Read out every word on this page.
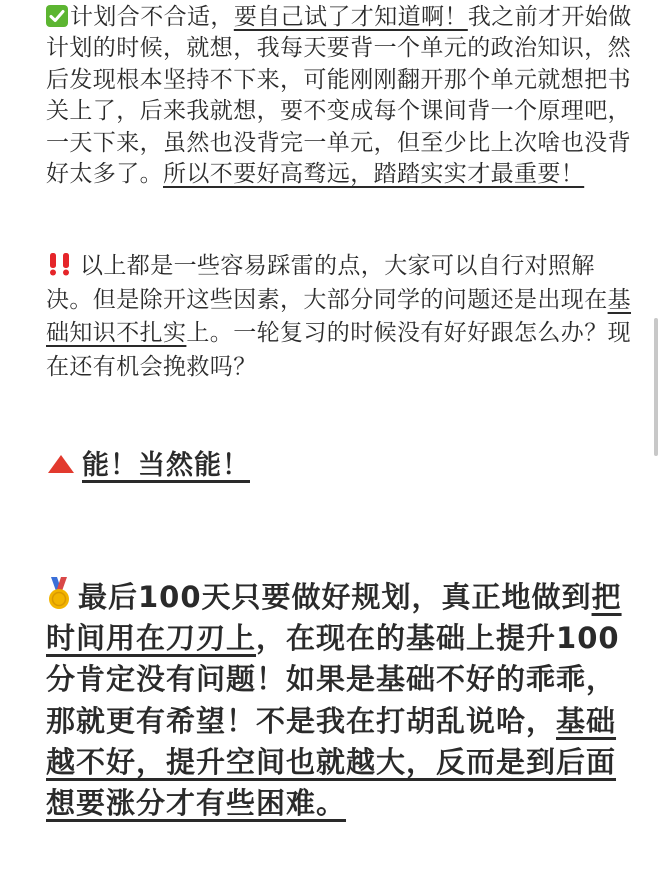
计划合不合适，要自己试了才知道啊！我之前才开始做计划的时候，就想，我每天要背一个单元的政治知识，然后发现根本坚持不下来，可能刚刚翻开那个单元就想把书关上了，后来我就想，要不变成每个课间背一个原理吧，一天下来，虽然也没背完一单元，但至少比上次啥也没背好太多了。所以不要好高骛远，踏踏实实才最重要！

以上都是一些容易踩雷的点，大家可以自行对照解决。但是除开这些因素，大部分同学的问题还是出现在基础知识不扎实上。一轮复习的时候没有好好跟怎么办？现在还有机会挽救吗？

能！当然能！

最后100天只要做好规划，真正地做到把时间用在刀刃上，在现在的基础上提升100分肯定没有问题！如果是基础不好的乖乖，那就更有希望！不是我在打胡乱说哈，基础越不好，提升空间也就越大，反而是到后面想要涨分才有些困难。
